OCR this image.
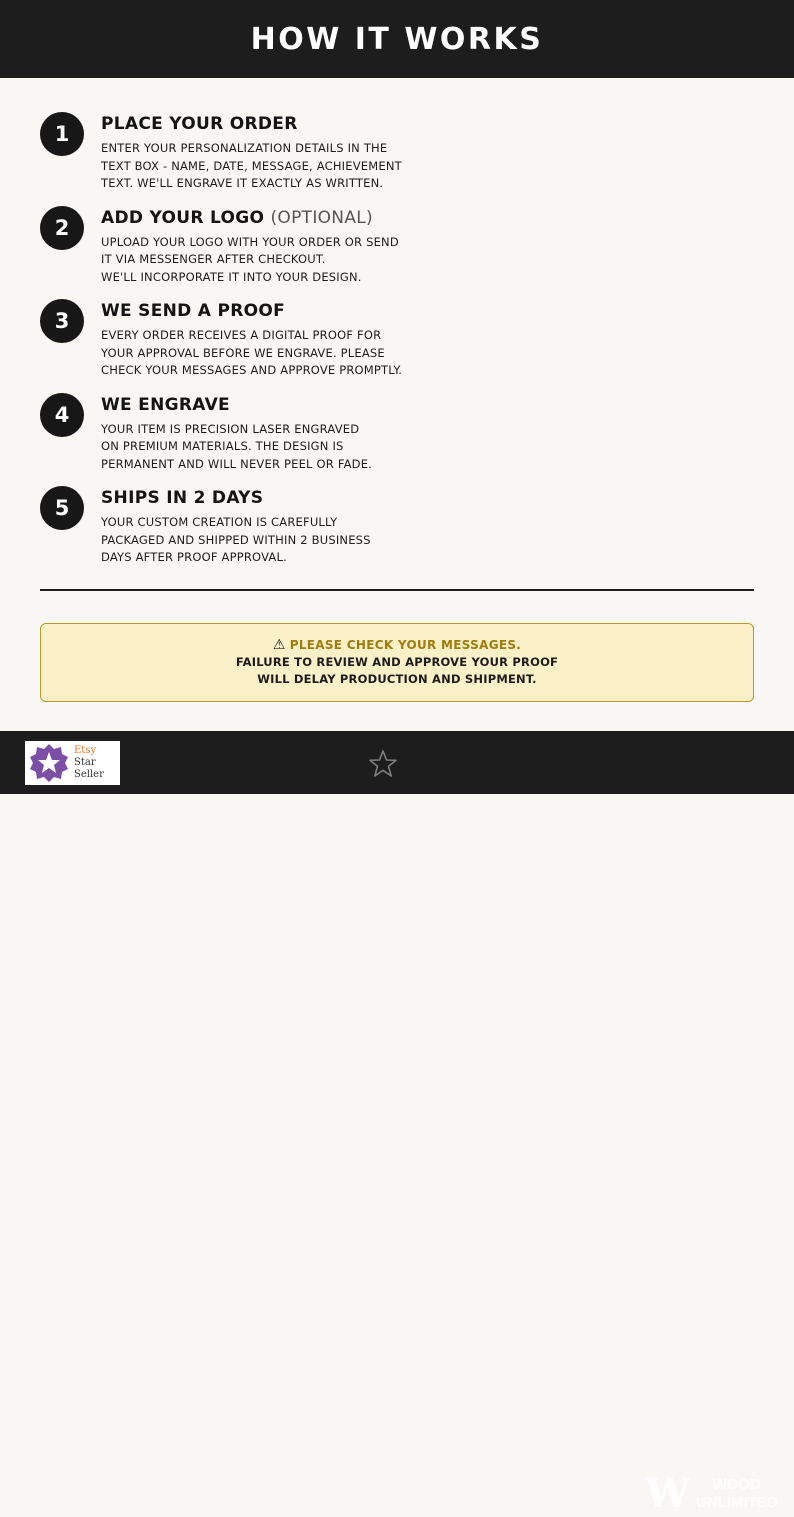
HOW IT WORKS
1	PLACE YOUR ORDER
ENTER YOUR PERSONALIZATION DETAILS IN THE
TEXT BOX - NAME, DATE, MESSAGE, ACHIEVEMENT
TEXT. WE'LL ENGRAVE IT EXACTLY AS WRITTEN.
2	ADD YOUR LOGO (OPTIONAL)
UPLOAD YOUR LOGO WITH YOUR ORDER OR SEND
IT VIA MESSENGER AFTER CHECKOUT.
WE'LL INCORPORATE IT INTO YOUR DESIGN.
3	WE SEND A PROOF
EVERY ORDER RECEIVES A DIGITAL PROOF FOR
YOUR APPROVAL BEFORE WE ENGRAVE. PLEASE
CHECK YOUR MESSAGES AND APPROVE PROMPTLY.
4	WE ENGRAVE
YOUR ITEM IS PRECISION LASER ENGRAVED
ON PREMIUM MATERIALS. THE DESIGN IS
PERMANENT AND WILL NEVER PEEL OR FADE.
5	SHIPS IN 2 DAYS
YOUR CUSTOM CREATION IS CAREFULLY
PACKAGED AND SHIPPED WITHIN 2 BUSINESS
DAYS AFTER PROOF APPROVAL.
⚠ PLEASE CHECK YOUR MESSAGES.
FAILURE TO REVIEW AND APPROVE YOUR PROOF
WILL DELAY PRODUCTION AND SHIPMENT.
Etsy
Star Seller
W	WOOD
UNLIMITED
